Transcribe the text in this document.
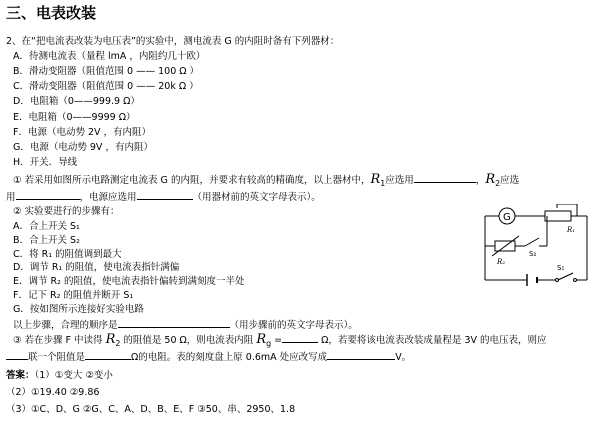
三、电表改装
2、在“把电流表改装为电压表”的实验中，测电流表 G 的内阻时备有下列器材：
A．待测电流表（量程 lmA ，内阻约几十欧）
B．滑动变阻器（阻值范围 0 —— 100 Ω ）
C．滑动变阻器（阻值范围 0 —— 20k Ω ）
D．电阻箱（0——999.9 Ω）
E．电阻箱（0——9999 Ω）
F．电源（电动势 2V ，有内阻）
G．电源（电动势 9V ，有内阻）
H．开关．导线
① 若采用如图所示电路测定电流表 G 的内阻，并要求有较高的精确度，以上器材中，$R_1$应选用	，$R_2$应选
用	，电源应选用	（用器材前的英文字母表示）。
② 实验要进行的步骤有：
A．合上开关 S₁
B．合上开关 S₂
C．将 R₁ 的阻值调到最大
D．调节 R₁ 的阻值，使电流表指针满偏
E．调节 R₂ 的阻值，使电流表指针偏转到满刻度一半处
F．记下 R₂ 的阻值并断开 S₁
G．按如图所示连接好实验电路
以上步骤，合理的顺序是	（用步骤前的英文字母表示）。
③ 若在步骤 F 中读得 $R_2$ 的阻值是 50 Ω，则电流表内阻 $R_g$ =	Ω，若要将该电流表改装成量程是 3V 的电压表，则应
联一个阻值是	Ω的电阻。表的刻度盘上原 0.6mA 处应改写成	V。
答案：（1）①变大 ②变小
（2）①19.40 ②9.86
（3）①C、D、G ②G、C、A、D、B、E、F ③50、串、2950、1.8
G
R₁
R₂
S₂
S₁
